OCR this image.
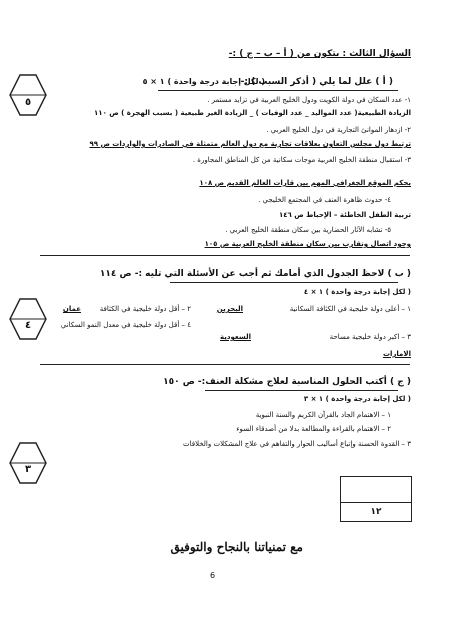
السؤال الثالث : يتكون من ( أ – ب – ج ) :-
٥
( أ ) علل لما يلي ( أذكر السبب ) :-
( لكل إجابة درجة واحدة ) ١ × ٥
١- عدد السكان في دولة الكويت ودول الخليج العربية في تزايد مستمر .
الزيادة الطبيعية( عدد المواليد _ عدد الوفيات ) _ الزيادة الغير طبيعية ( بسبب الهجرة ) ص ١١٠
٢- ازدهار الموانئ التجارية في دول الخليج العربي .
ترتبط دول مجلس التعاون بعلاقات تجارية مع دول العالم متمثلة في الصادرات والواردات ص ٩٩
٣- استقبال منطقة الخليج العربية موجات سكانية من كل المناطق المجاورة .
بحكم الموقع الجغرافي المهم بين قارات العالم القديم ص ١٠٨
٤- حدوث ظاهرة العنف في المجتمع الخليجي .
تربية الطفل الخاطئة – الإحباط ص ١٤٦
٥- تشابه الآثار الحضارية بين سكان منطقة الخليج العربي .
وجود اتصال وتقارب بين سكان منطقة الخليج العربية ص ١٠٥
٤
( ب ) لاحظ الجدول الذي أمامك ثم أجب عن الأسئلة التي تليه :- ص ١١٤
( لكل إجابة درجة واحدة ) ١ × ٤
١ – أعلى دولة خليجية في الكثافة السكانية
البحرين
٢ – أقل دولة خليجية في الكثافة
عمان
٤ – أقل دولة خليجية في معدل النمو السكاني
٣ – اكبر دولة خليجية مساحة
السعودية
الامارات
( ج ) أكتب الحلول المناسبة لعلاج مشكلة العنف:- ص ١٥٠
( لكل إجابة درجة واحدة ) ١ × ٣
٣
١ – الاهتمام الجاد بالقرآن الكريم والسنة النبوية
٢ – الاهتمام بالقراءة والمطالعة بدلا من أصدقاء السوء
٣ – القدوة الحسنة وإتباع أساليب الحوار والتفاهم في علاج المشكلات والخلافات
١٢
مع تمنياتنا بالنجاح والتوفيق
6
